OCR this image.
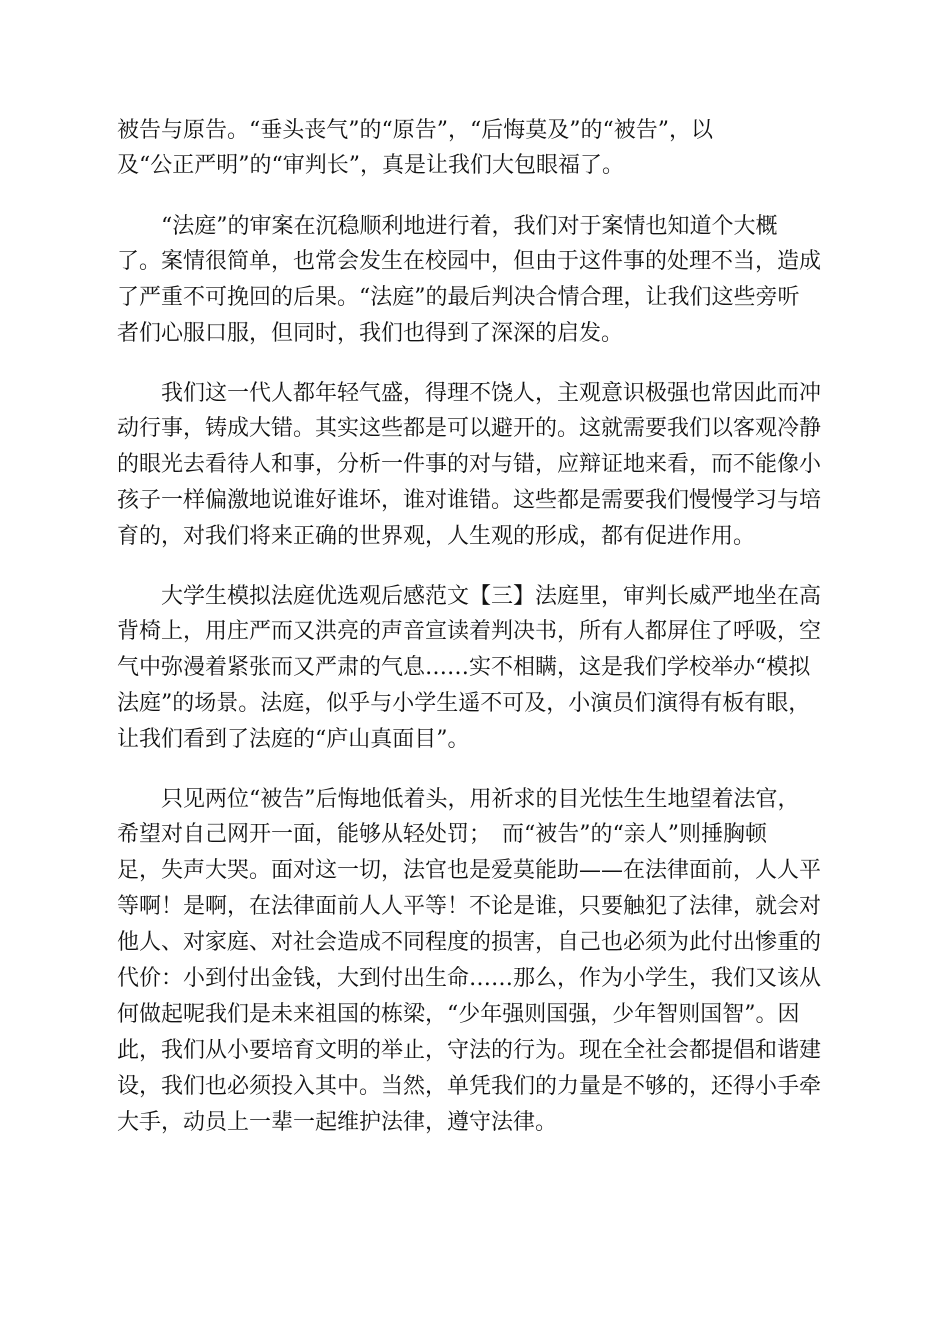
被告与原告。“垂头丧气”的“原告”，“后悔莫及”的“被告”，以

及“公正严明”的“审判长”，真是让我们大包眼福了。

“法庭”的审案在沉稳顺利地进行着，我们对于案情也知道个大概

了。案情很简单，也常会发生在校园中，但由于这件事的处理不当，造成

了严重不可挽回的后果。“法庭”的最后判决合情合理，让我们这些旁听

者们心服口服，但同时，我们也得到了深深的启发。

我们这一代人都年轻气盛，得理不饶人，主观意识极强也常因此而冲

动行事，铸成大错。其实这些都是可以避开的。这就需要我们以客观冷静

的眼光去看待人和事，分析一件事的对与错，应辩证地来看，而不能像小

孩子一样偏激地说谁好谁坏，谁对谁错。这些都是需要我们慢慢学习与培

育的，对我们将来正确的世界观，人生观的形成，都有促进作用。

大学生模拟法庭优选观后感范文【三】法庭里，审判长威严地坐在高

背椅上，用庄严而又洪亮的声音宣读着判决书，所有人都屏住了呼吸，空

气中弥漫着紧张而又严肃的气息……实不相瞒，这是我们学校举办“模拟

法庭”的场景。法庭，似乎与小学生遥不可及，小演员们演得有板有眼，

让我们看到了法庭的“庐山真面目”。

只见两位“被告”后悔地低着头，用祈求的目光怯生生地望着法官，

希望对自己网开一面，能够从轻处罚；　而“被告”的“亲人”则捶胸顿

足，失声大哭。面对这一切，法官也是爱莫能助——在法律面前，人人平

等啊！是啊，在法律面前人人平等！不论是谁，只要触犯了法律，就会对

他人、对家庭、对社会造成不同程度的损害，自己也必须为此付出惨重的

代价：小到付出金钱，大到付出生命……那么，作为小学生，我们又该从

何做起呢我们是未来祖国的栋梁，“少年强则国强，少年智则国智”。因

此，我们从小要培育文明的举止，守法的行为。现在全社会都提倡和谐建

设，我们也必须投入其中。当然，单凭我们的力量是不够的，还得小手牵

大手，动员上一辈一起维护法律，遵守法律。
